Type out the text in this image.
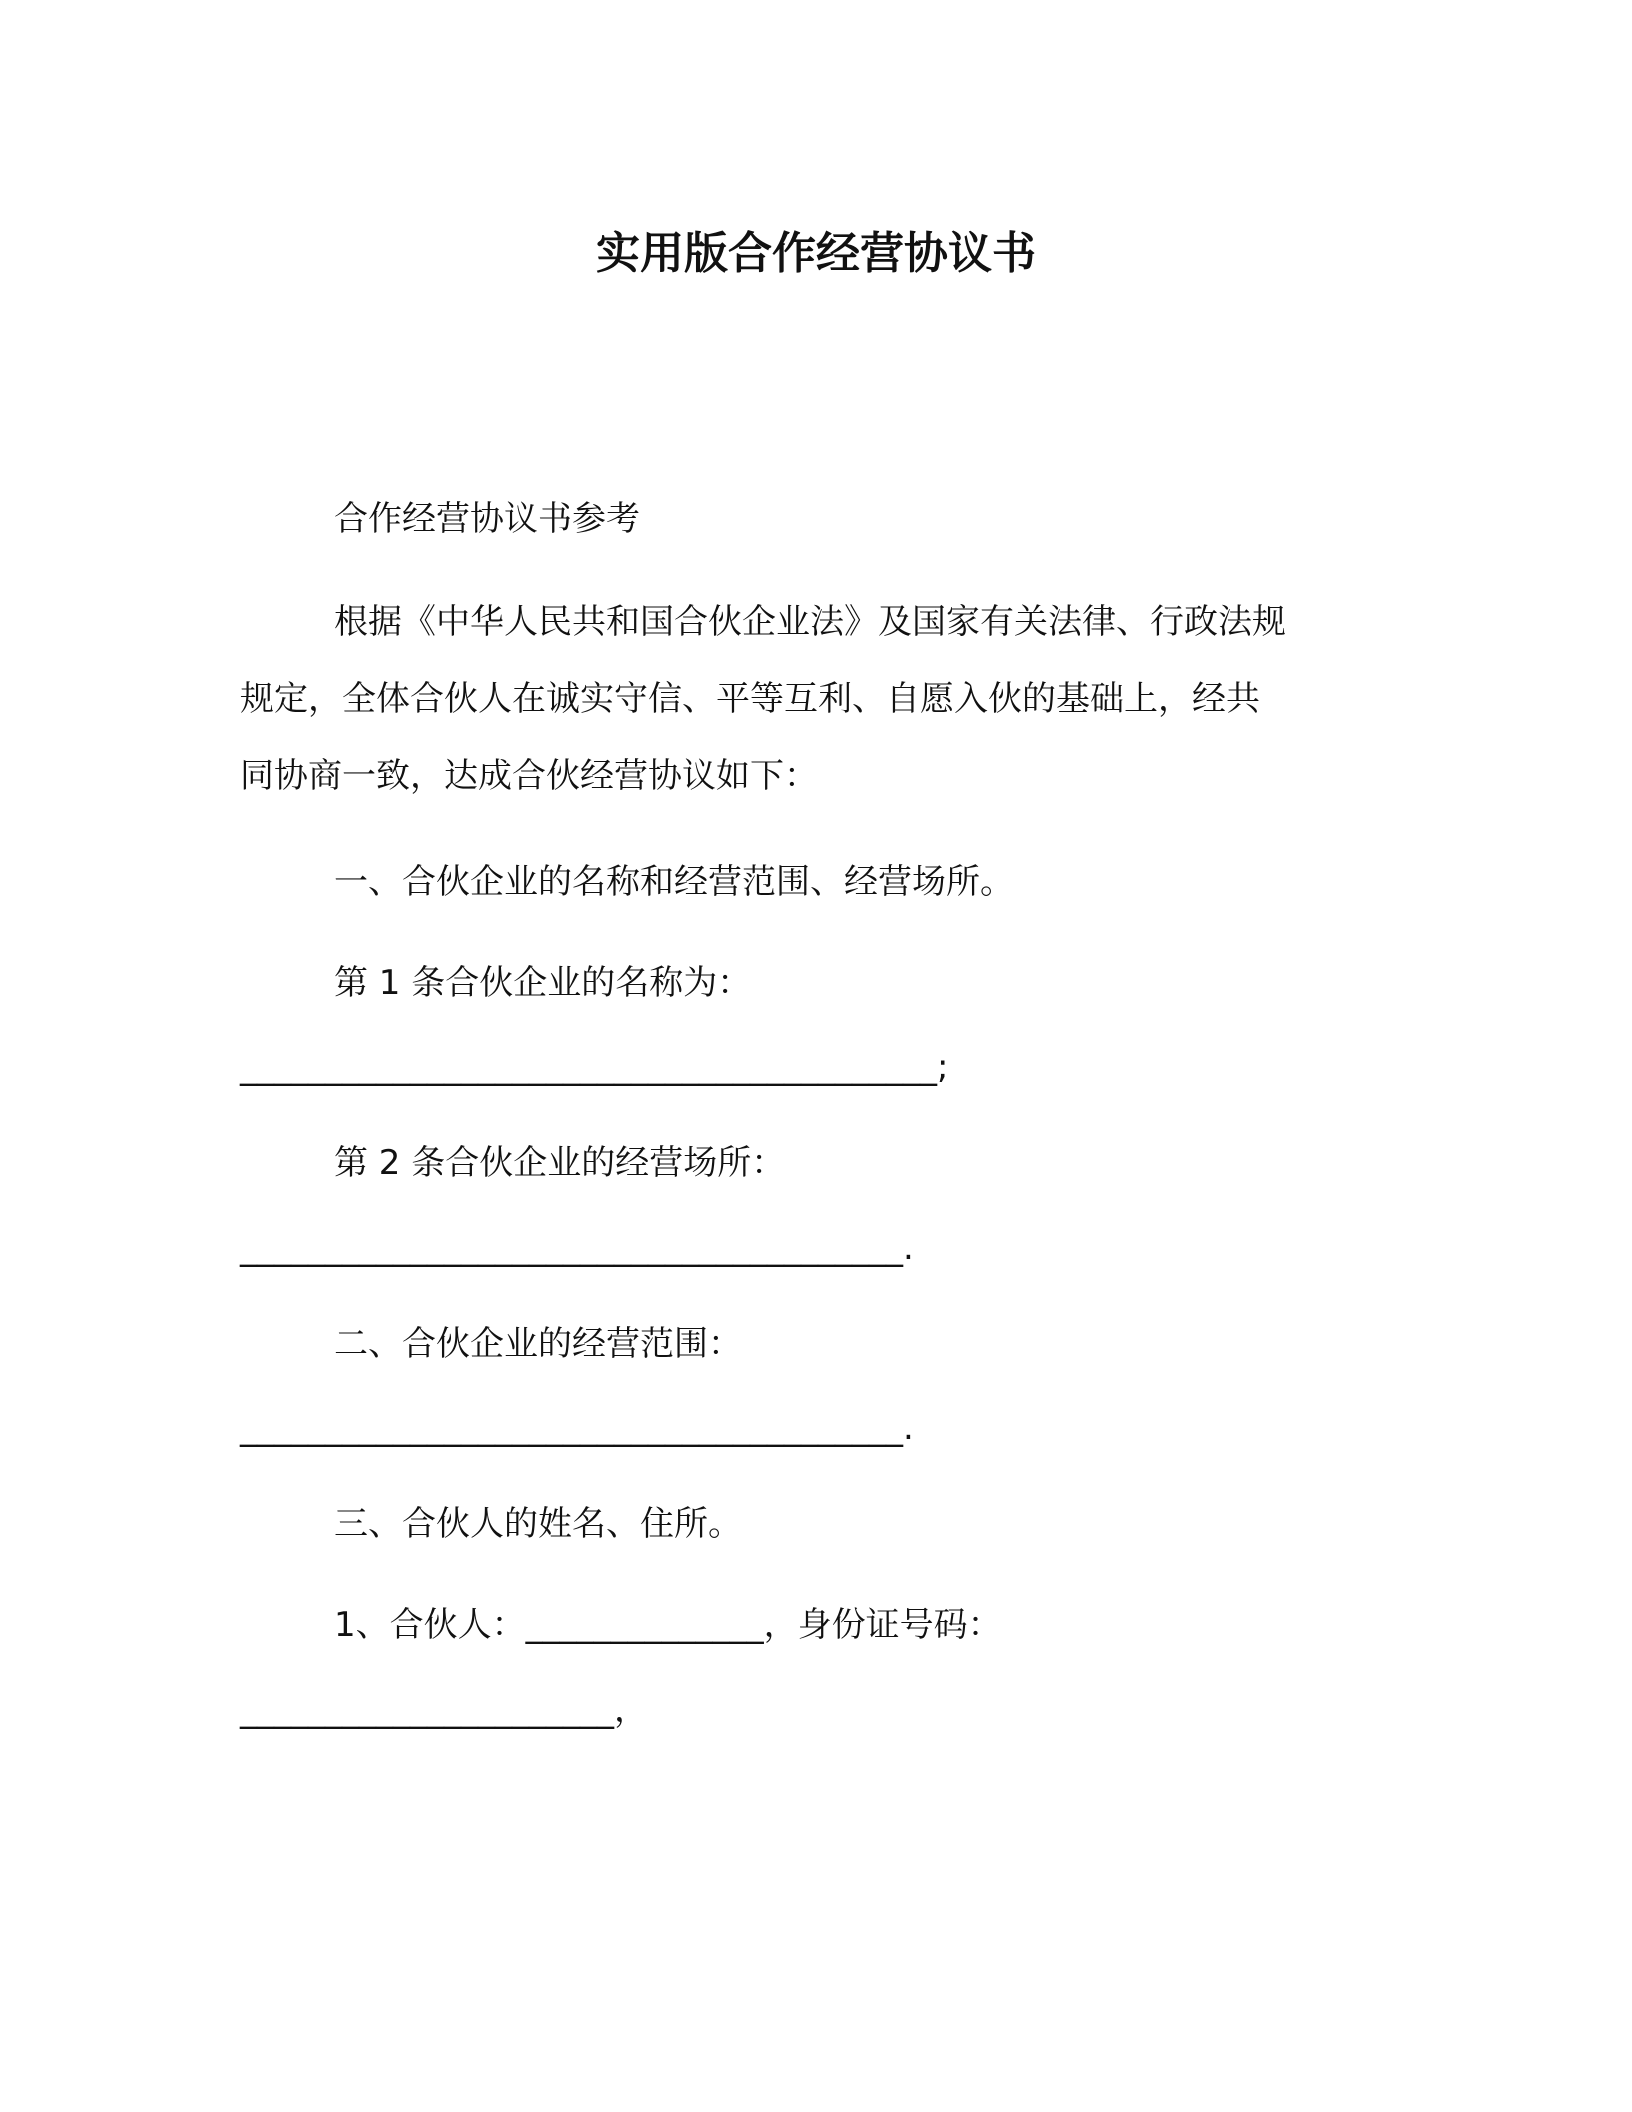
实用版合作经营协议书
合作经营协议书参考
根据《中华人民共和国合伙企业法》及国家有关法律、行政法规
规定，全体合伙人在诚实守信、平等互利、自愿入伙的基础上，经共
同协商一致，达成合伙经营协议如下：
一、合伙企业的名称和经营范围、经营场所。
第 1 条合伙企业的名称为：
_________________________________________;
第 2 条合伙企业的经营场所：
_______________________________________.
二、合伙企业的经营范围：
_______________________________________.
三、合伙人的姓名、住所。
1、合伙人：______________，身份证号码：
______________________，
